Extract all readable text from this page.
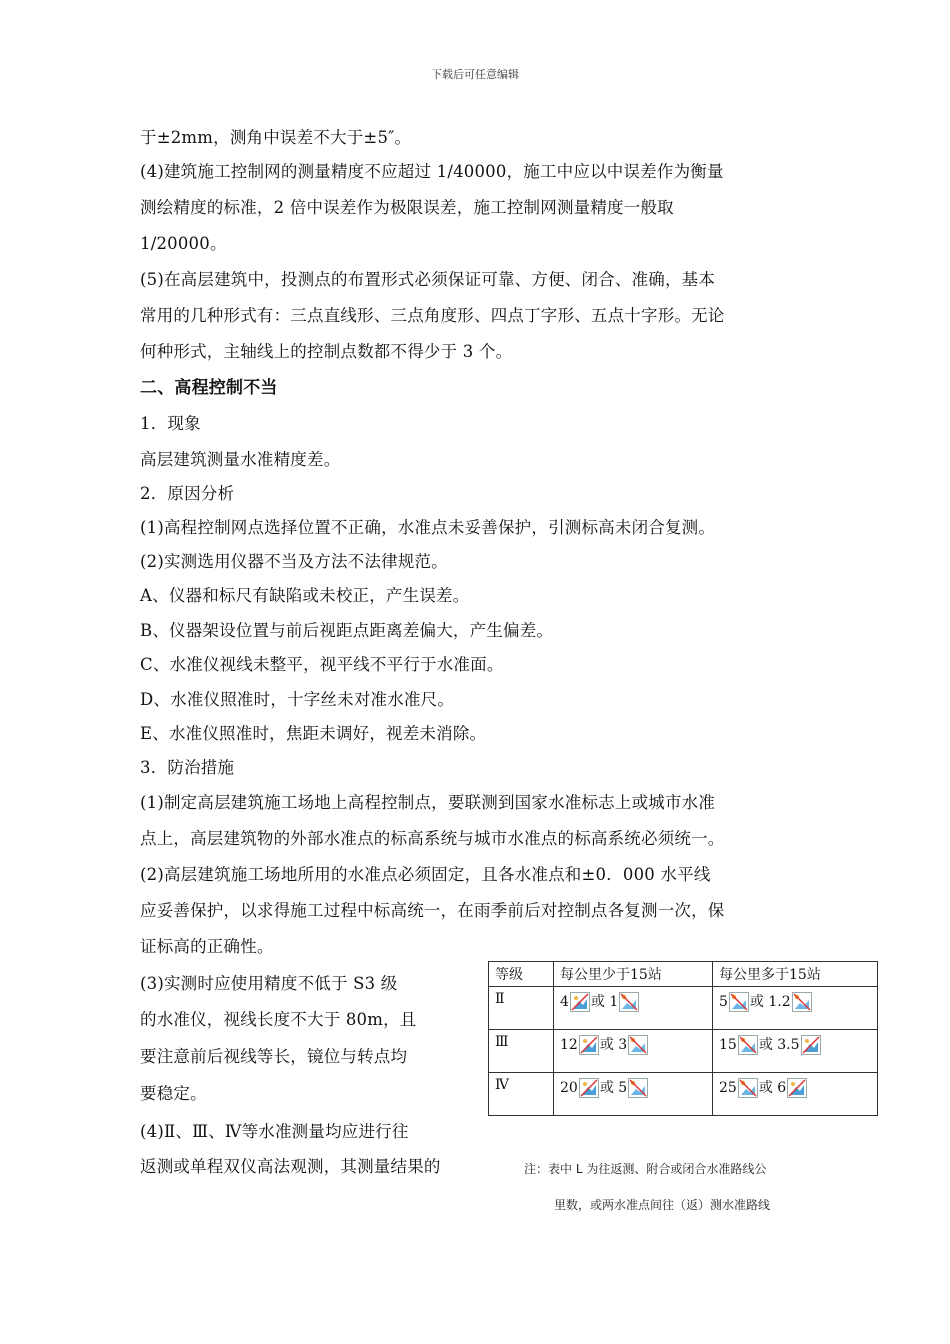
下载后可任意编辑
于±2mm，测角中误差不大于±5″。
(4)建筑施工控制网的测量精度不应超过 1/40000，施工中应以中误差作为衡量
测绘精度的标准，2 倍中误差作为极限误差，施工控制网测量精度一般取
1/20000。
(5)在高层建筑中，投测点的布置形式必须保证可靠、方便、闭合、准确，基本
常用的几种形式有：三点直线形、三点角度形、四点丁字形、五点十字形。无论
何种形式，主轴线上的控制点数都不得少于 3 个。
二、高程控制不当
1．现象
高层建筑测量水准精度差。
2．原因分析
(1)高程控制网点选择位置不正确，水准点未妥善保护，引测标高未闭合复测。
(2)实测选用仪器不当及方法不法律规范。
A、仪器和标尺有缺陷或未校正，产生误差。
B、仪器架设位置与前后视距点距离差偏大，产生偏差。
C、水准仪视线未整平，视平线不平行于水准面。
D、水准仪照准时，十字丝未对准水准尺。
E、水准仪照准时，焦距未调好，视差未消除。
3．防治措施
(1)制定高层建筑施工场地上高程控制点，要联测到国家水准标志上或城市水准
点上，高层建筑物的外部水准点的标高系统与城市水准点的标高系统必须统一。
(2)高层建筑施工场地所用的水准点必须固定，且各水准点和±0．000 水平线
应妥善保护，以求得施工过程中标高统一，在雨季前后对控制点各复测一次，保
证标高的正确性。
(3)实测时应使用精度不低于 S3 级
的水准仪，视线长度不大于 80m，且
要注意前后视线等长，镜位与转点均
要稳定。
(4)Ⅱ、Ⅲ、Ⅳ等水准测量均应进行往
返测或单程双仪高法观测，其测量结果的
等级	每公里少于15站	每公里多于15站
Ⅱ	4 或 1	5 或 1.2
Ⅲ	12 或 3	15 或 3.5
Ⅳ	20 或 5	25 或 6
注：表中 L 为往返测、附合或闭合水准路线公
里数，或两水准点间往（返）测水准路线
